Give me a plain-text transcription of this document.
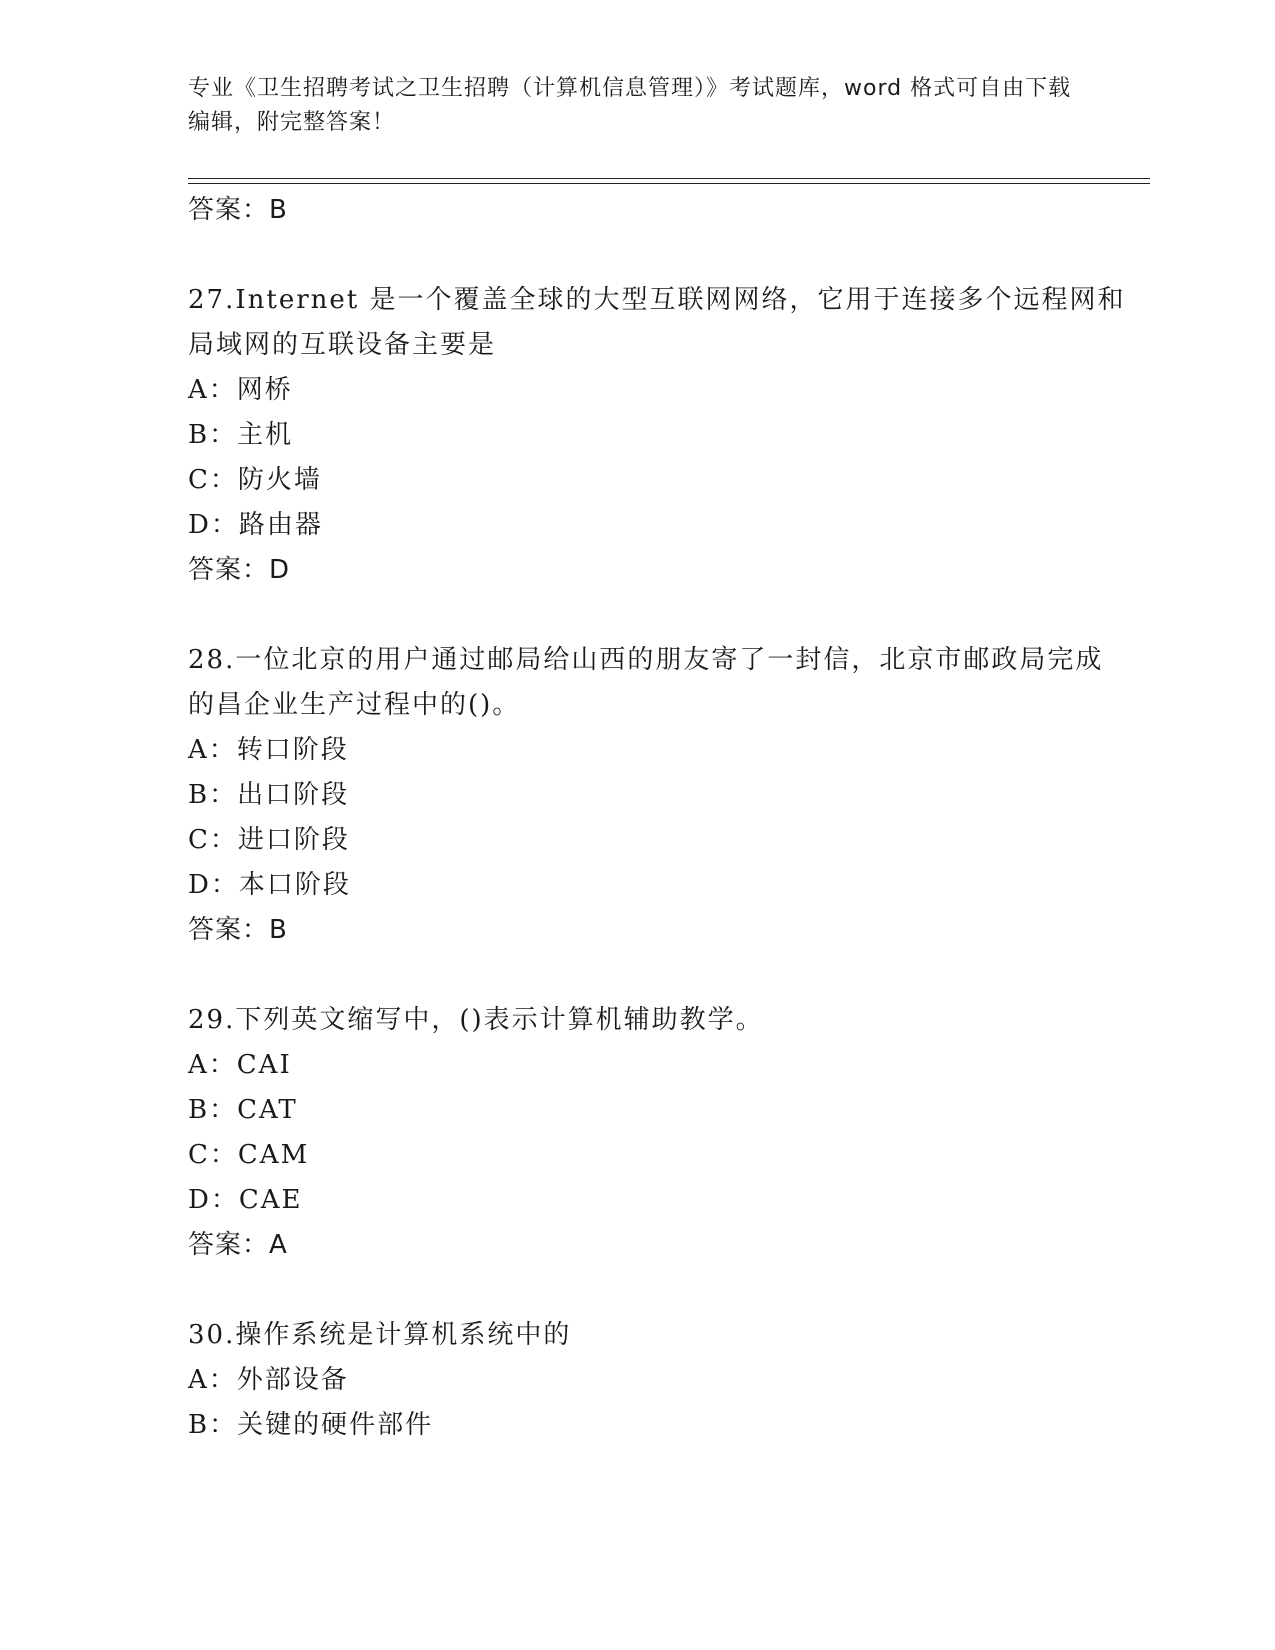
专业《卫生招聘考试之卫生招聘（计算机信息管理）》考试题库，word 格式可自由下载编辑，附完整答案！
答案：B
27.Internet 是一个覆盖全球的大型互联网网络，它用于连接多个远程网和局域网的互联设备主要是
A：网桥
B：主机
C：防火墙
D：路由器
答案：D
28.一位北京的用户通过邮局给山西的朋友寄了一封信，北京市邮政局完成的昌企业生产过程中的()。
A：转口阶段
B：出口阶段
C：进口阶段
D：本口阶段
答案：B
29.下列英文缩写中，()表示计算机辅助教学。
A：CAI
B：CAT
C：CAM
D：CAE
答案：A
30.操作系统是计算机系统中的
A：外部设备
B：关键的硬件部件
